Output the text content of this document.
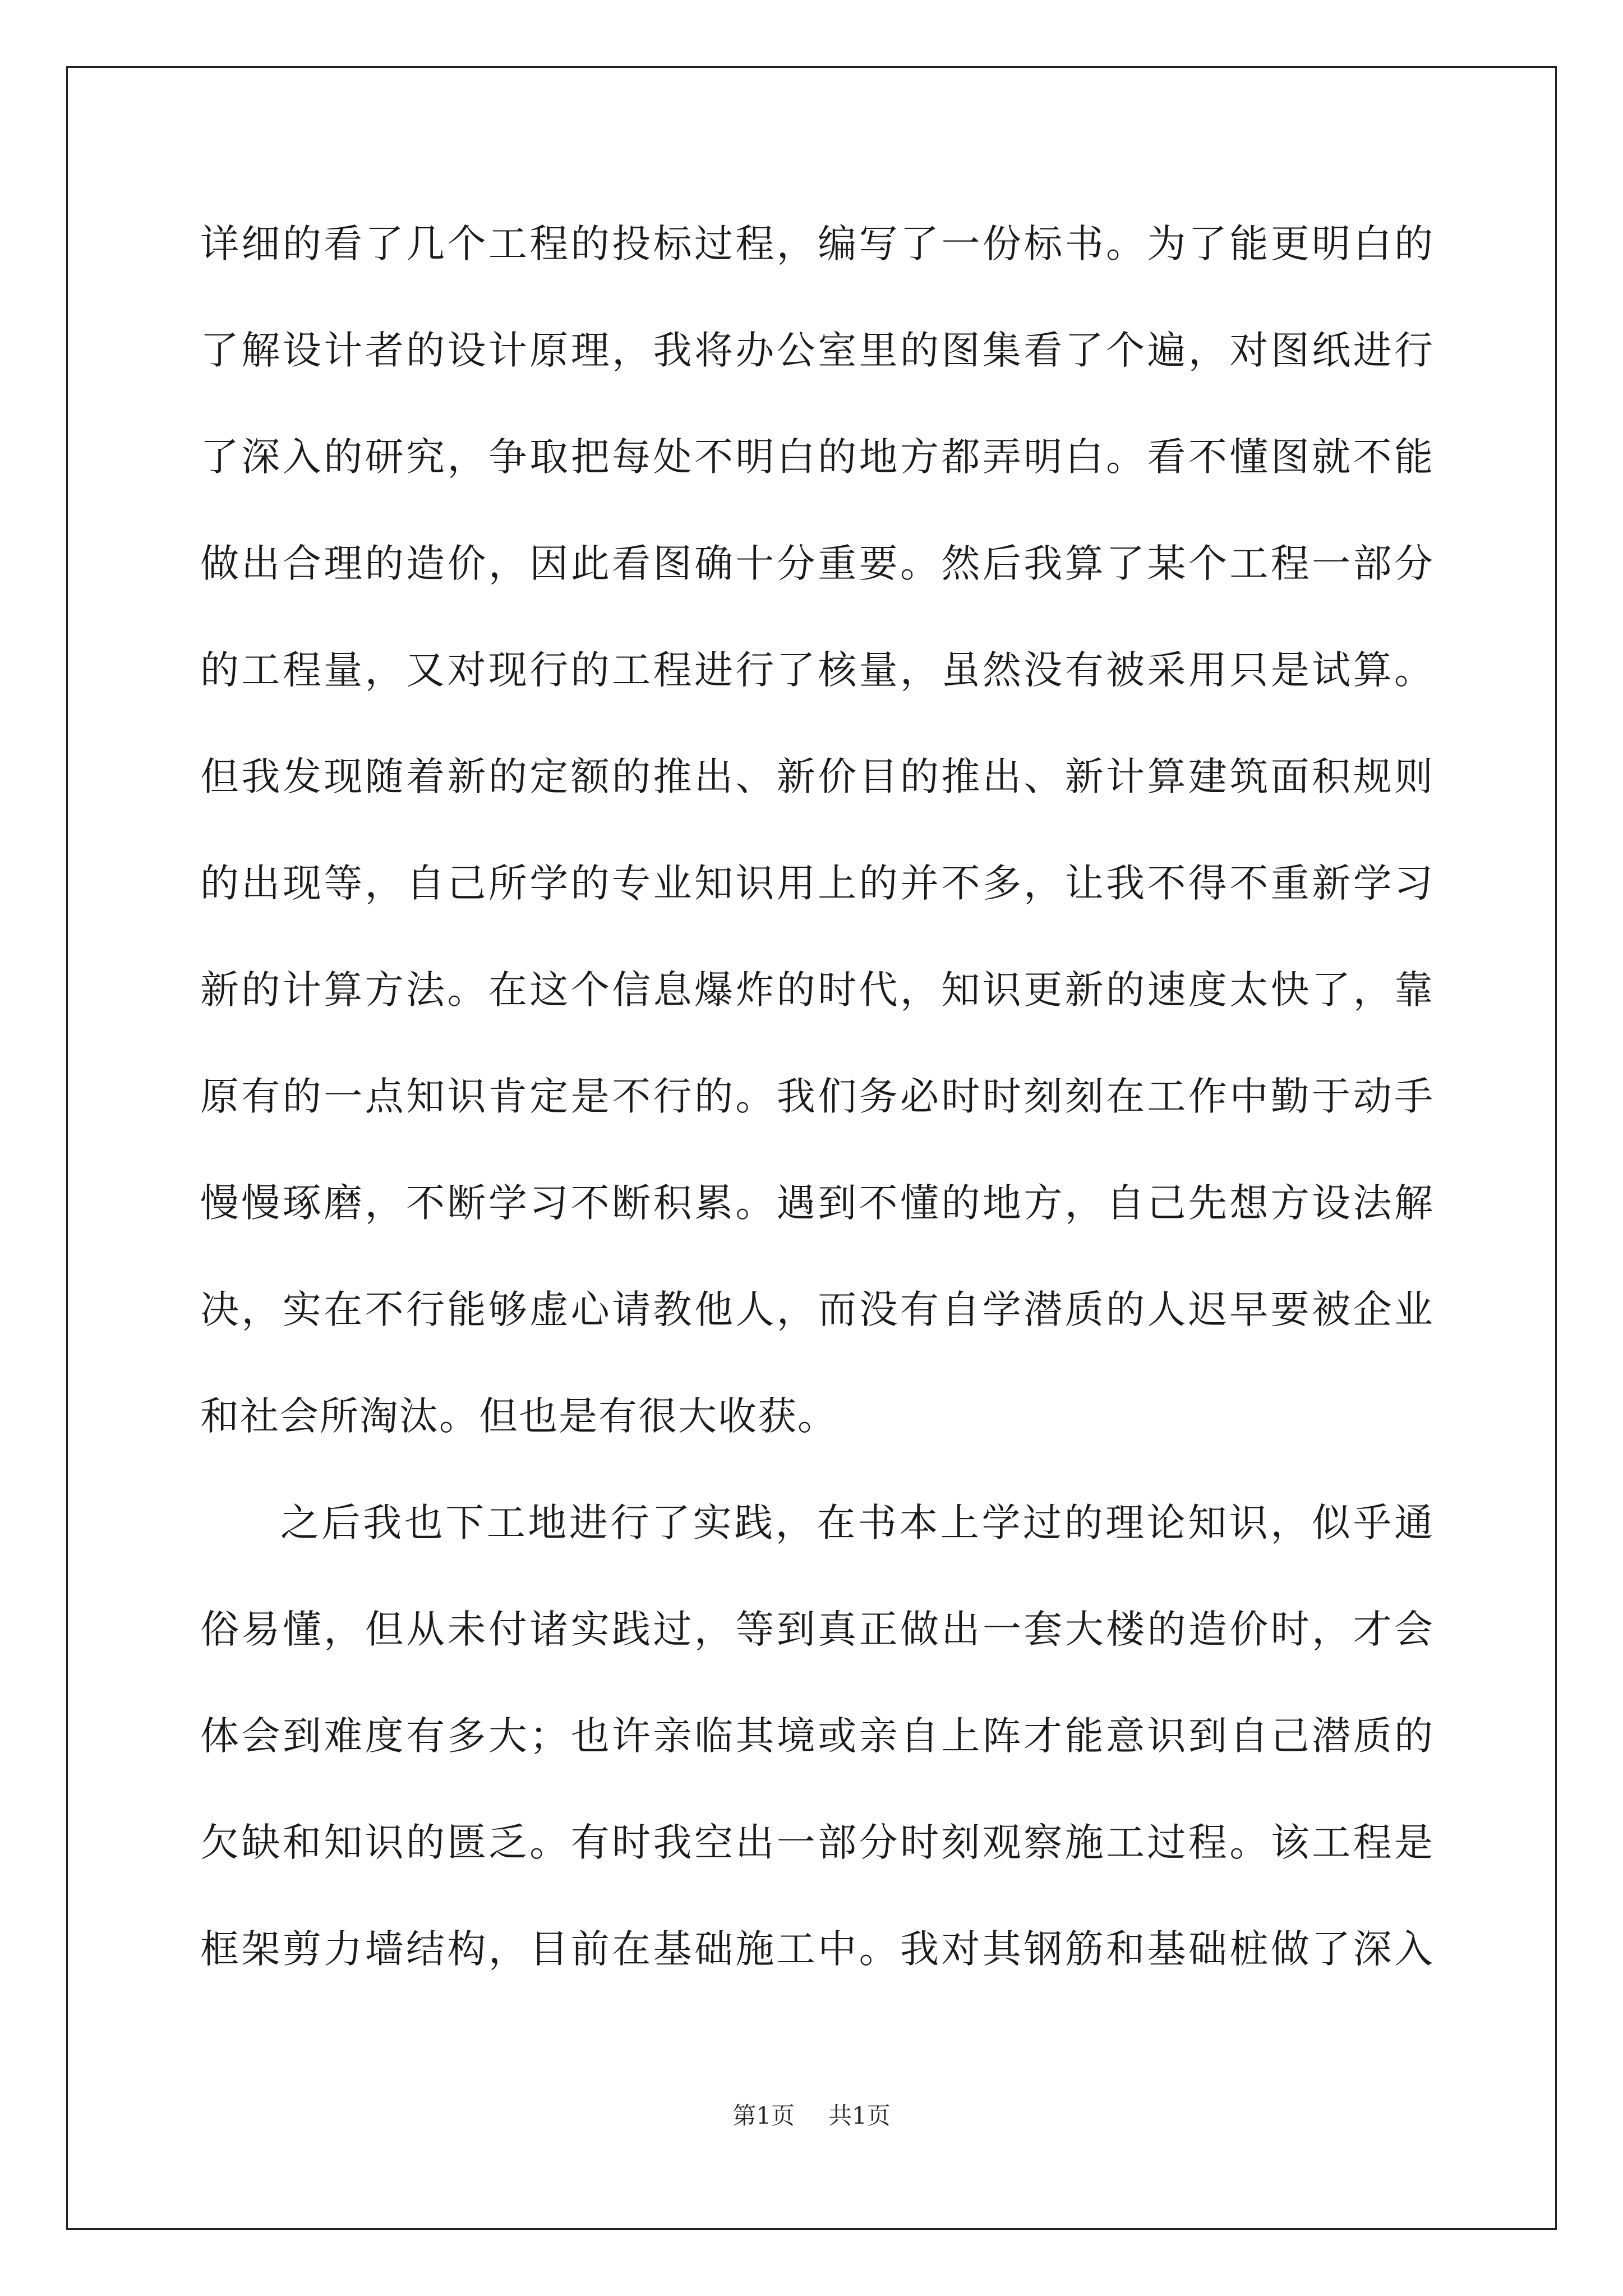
详细的看了几个工程的投标过程，编写了一份标书。为了能更明白的
了解设计者的设计原理，我将办公室里的图集看了个遍，对图纸进行
了深入的研究，争取把每处不明白的地方都弄明白。看不懂图就不能
做出合理的造价，因此看图确十分重要。然后我算了某个工程一部分
的工程量，又对现行的工程进行了核量，虽然没有被采用只是试算。
但我发现随着新的定额的推出、新价目的推出、新计算建筑面积规则
的出现等，自己所学的专业知识用上的并不多，让我不得不重新学习
新的计算方法。在这个信息爆炸的时代，知识更新的速度太快了，靠
原有的一点知识肯定是不行的。我们务必时时刻刻在工作中勤于动手
慢慢琢磨，不断学习不断积累。遇到不懂的地方，自己先想方设法解
决，实在不行能够虚心请教他人，而没有自学潜质的人迟早要被企业
和社会所淘汰。但也是有很大收获。
之后我也下工地进行了实践，在书本上学过的理论知识，似乎通
俗易懂，但从未付诸实践过，等到真正做出一套大楼的造价时，才会
体会到难度有多大；也许亲临其境或亲自上阵才能意识到自己潜质的
欠缺和知识的匮乏。有时我空出一部分时刻观察施工过程。该工程是
框架剪力墙结构，目前在基础施工中。我对其钢筋和基础桩做了深入
第1页 共1页
